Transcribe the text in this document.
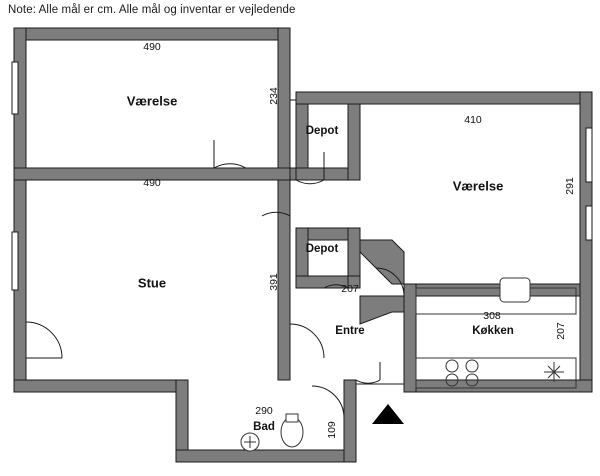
Note: Alle mål er cm. Alle mål og inventar er vejledende
Værelse
Stue
Depot
Depot
Værelse
Køkken
Entre
Bad
490
490
234
410
291
391	207
308
207
290
109
